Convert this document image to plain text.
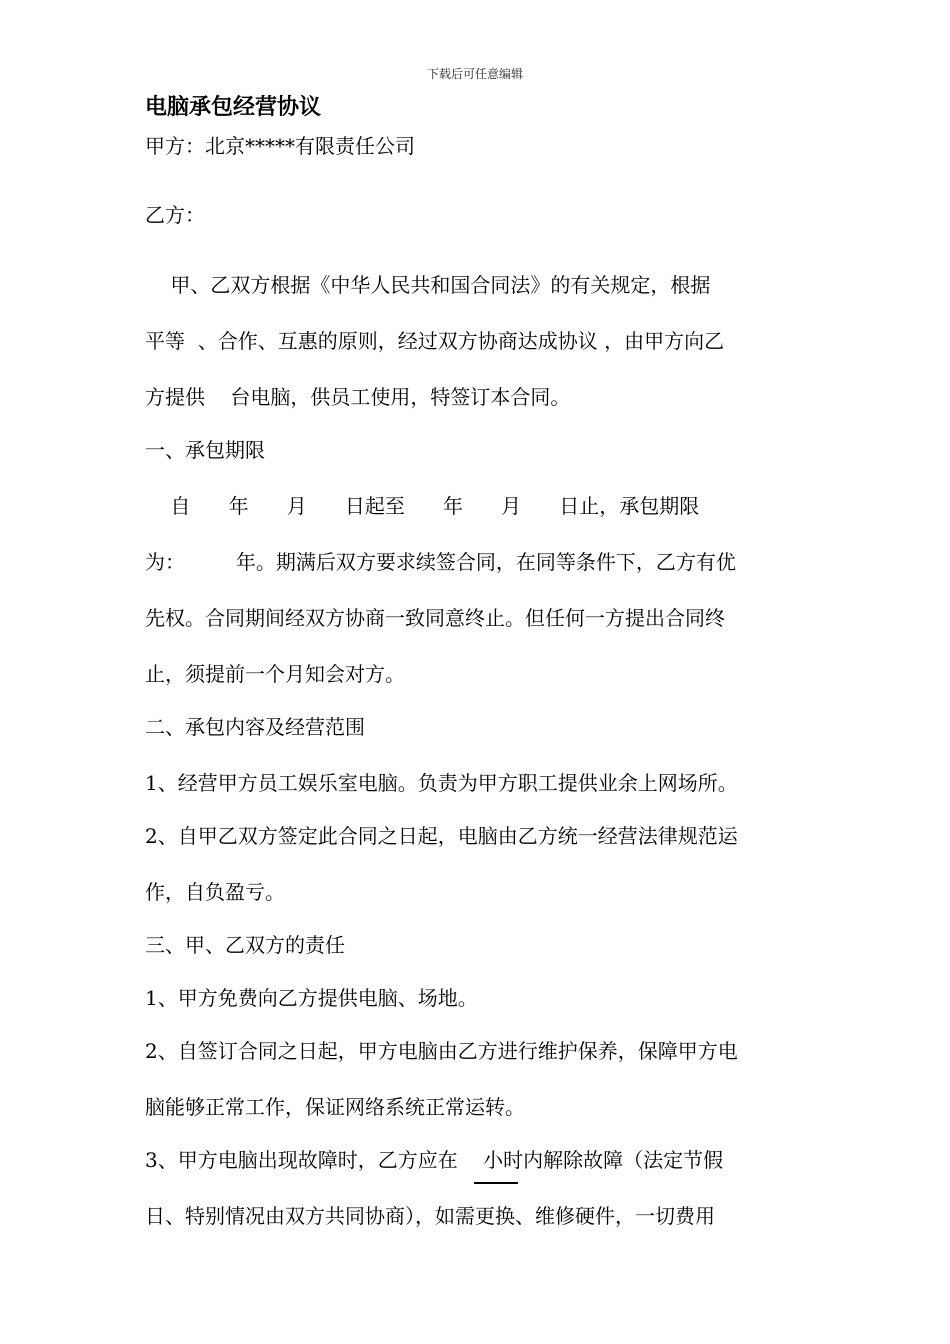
下载后可任意编辑
电脑承包经营协议
甲方：北京*****有限责任公司
乙方：
甲、乙双方根据《中华人民共和国合同法》的有关规定，根据
平等  、合作、互惠的原则，经过双方协商达成协议 ，由甲方向乙
方提供    台电脑，供员工使用，特签订本合同。
一、承包期限
自      年      月      日起至      年      月      日止，承包期限
为：        年。期满后双方要求续签合同，在同等条件下，乙方有优
先权。合同期间经双方协商一致同意终止。但任何一方提出合同终
止，须提前一个月知会对方。
二、承包内容及经营范围
1、经营甲方员工娱乐室电脑。负责为甲方职工提供业余上网场所。
2、自甲乙双方签定此合同之日起，电脑由乙方统一经营法律规范运
作，自负盈亏。
三、甲、乙双方的责任
1、甲方免费向乙方提供电脑、场地。
2、自签订合同之日起，甲方电脑由乙方进行维护保养，保障甲方电
脑能够正常工作，保证网络系统正常运转。
3、甲方电脑出现故障时，乙方应在    小时内解除故障（法定节假
日、特别情况由双方共同协商），如需更换、维修硬件，一切费用
